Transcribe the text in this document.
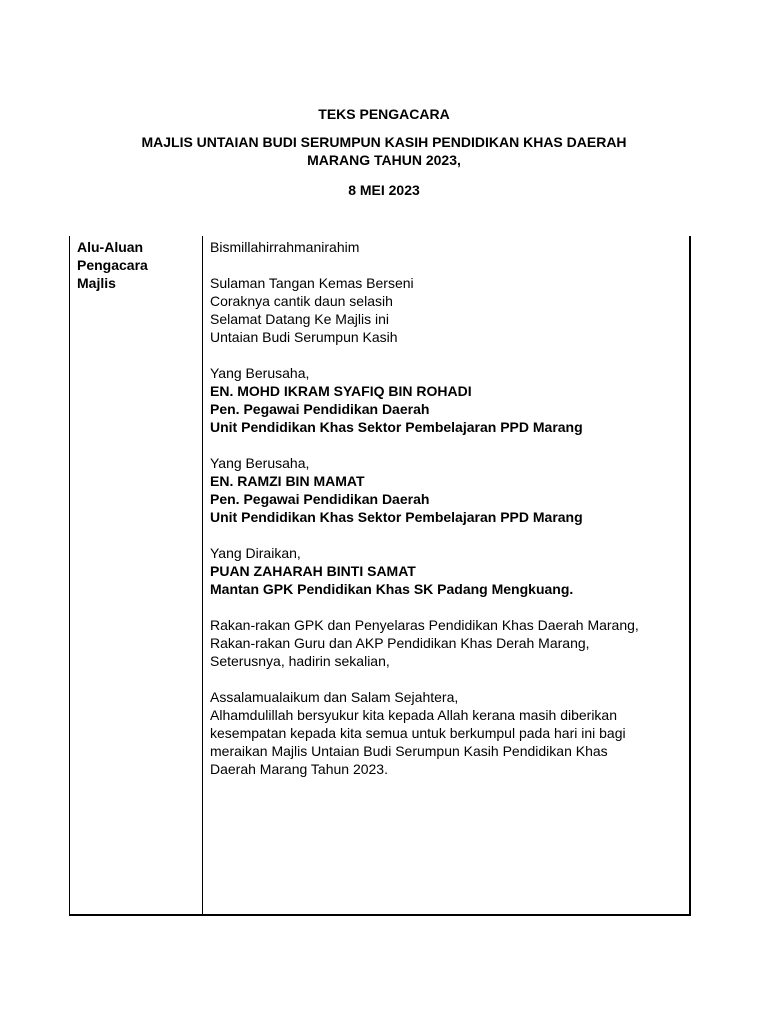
TEKS PENGACARA
MAJLIS UNTAIAN BUDI SERUMPUN KASIH PENDIDIKAN KHAS DAERAH
MARANG TAHUN 2023,
8 MEI 2023
Alu-Aluan
Pengacara
Majlis
Bismillahirrahmanirahim
Sulaman Tangan Kemas Berseni
Coraknya cantik daun selasih
Selamat Datang Ke Majlis ini
Untaian Budi Serumpun Kasih
Yang Berusaha,
EN. MOHD IKRAM SYAFIQ BIN ROHADI
Pen. Pegawai Pendidikan Daerah
Unit Pendidikan Khas Sektor Pembelajaran PPD Marang
Yang Berusaha,
EN. RAMZI BIN MAMAT
Pen. Pegawai Pendidikan Daerah
Unit Pendidikan Khas Sektor Pembelajaran PPD Marang
Yang Diraikan,
PUAN ZAHARAH BINTI SAMAT
Mantan GPK Pendidikan Khas SK Padang Mengkuang.
Rakan-rakan GPK dan Penyelaras Pendidikan Khas Daerah Marang,
Rakan-rakan Guru dan AKP Pendidikan Khas Derah Marang,
Seterusnya, hadirin sekalian,
Assalamualaikum dan Salam Sejahtera,
Alhamdulillah bersyukur kita kepada Allah kerana masih diberikan
kesempatan kepada kita semua untuk berkumpul pada hari ini bagi
meraikan Majlis Untaian Budi Serumpun Kasih Pendidikan Khas
Daerah Marang Tahun 2023.
